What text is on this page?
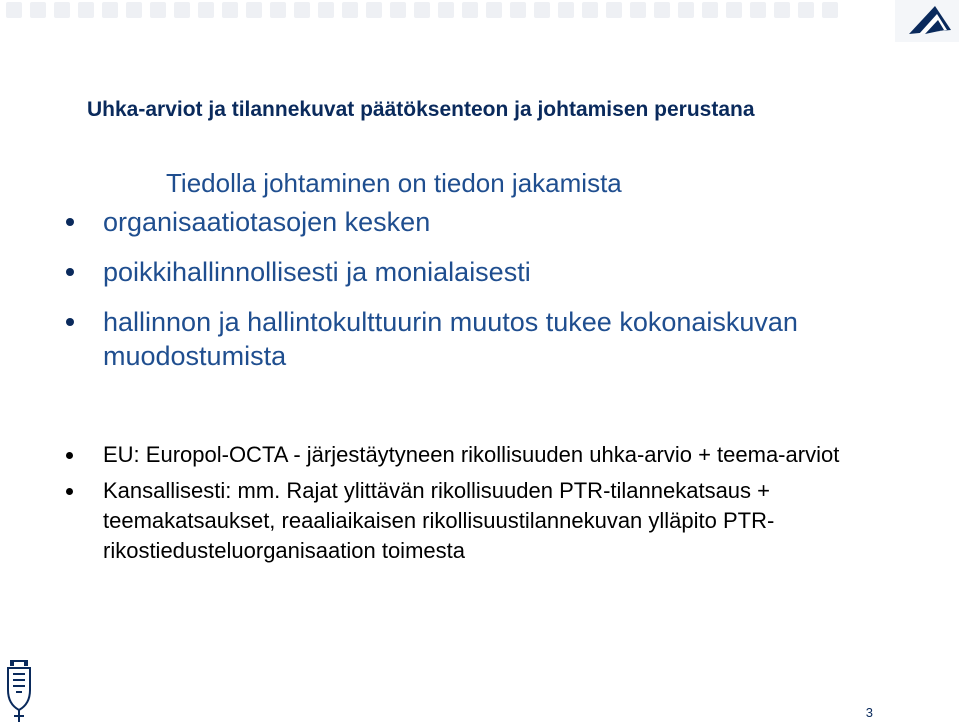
Uhka-arviot ja tilannekuvat päätöksenteon ja johtamisen perustana
Tiedolla johtaminen on tiedon jakamista
organisaatiotasojen kesken
poikkihallinnollisesti ja monialaisesti
hallinnon ja hallintokulttuurin muutos tukee kokonaiskuvan muodostumista
EU: Europol-OCTA - järjestäytyneen rikollisuuden uhka-arvio + teema-arviot
Kansallisesti: mm. Rajat ylittävän rikollisuuden PTR-tilannekatsaus + teemakatsaukset, reaaliaikaisen rikollisuustilannekuvan ylläpito PTR-rikostiedusteluorganisaation toimesta
3
